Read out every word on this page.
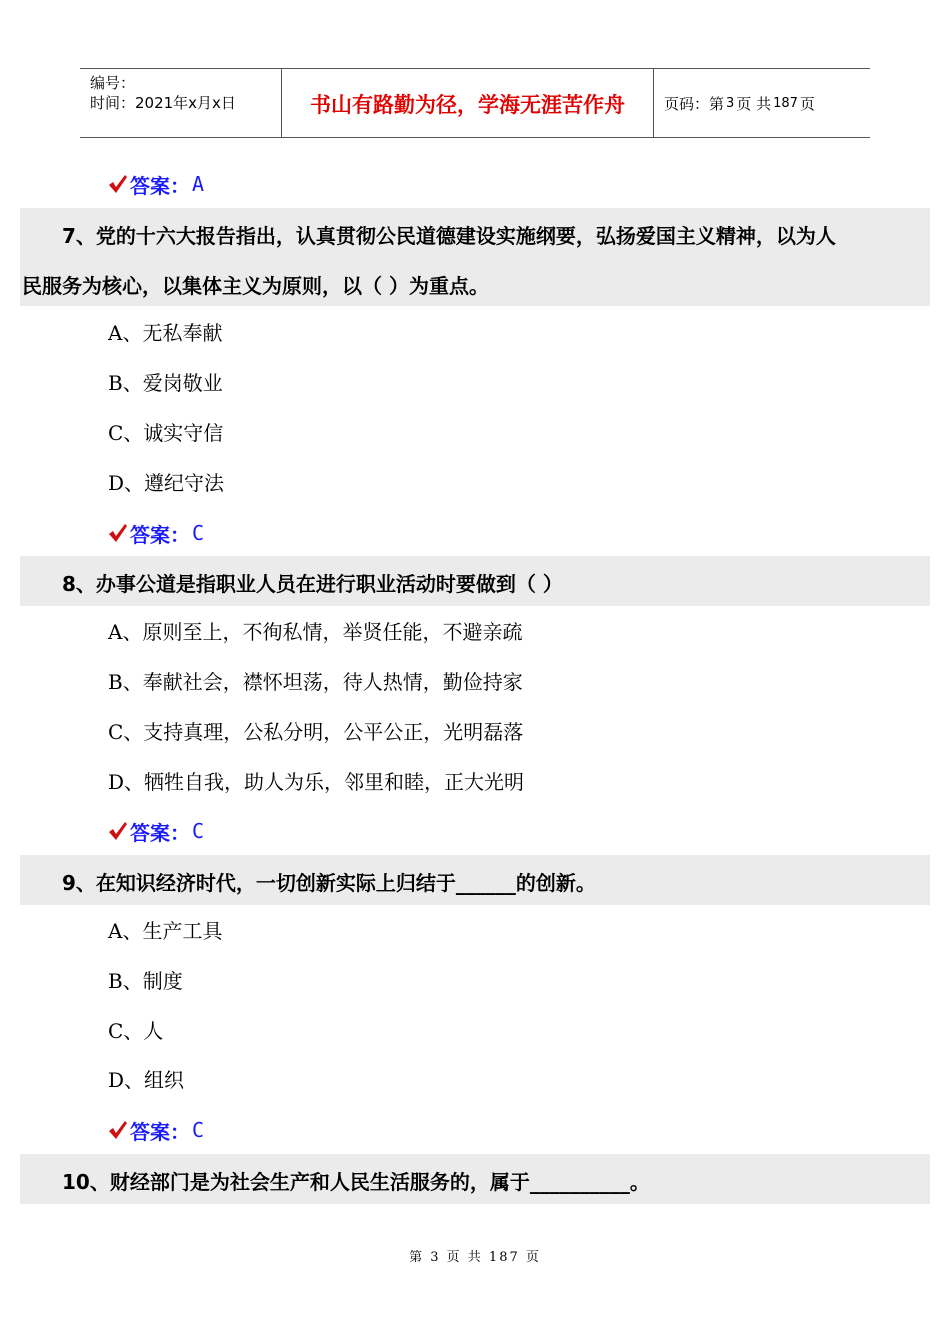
编号：
时间：2021年x月x日	书山有路勤为径，学海无涯苦作舟	页码：第 3 页 共 187 页
答案： A
7、党的十六大报告指出，认真贯彻公民道德建设实施纲要，弘扬爱国主义精神，以为人
民服务为核心，以集体主义为原则，以（ ）为重点。
A、无私奉献
B、爱岗敬业
C、诚实守信
D、遵纪守法
答案： C
8、办事公道是指职业人员在进行职业活动时要做到（ ）
A、原则至上，不徇私情，举贤任能，不避亲疏
B、奉献社会，襟怀坦荡，待人热情，勤俭持家
C、支持真理，公私分明，公平公正，光明磊落
D、牺牲自我，助人为乐，邻里和睦，正大光明
答案： C
9、在知识经济时代，一切创新实际上归结于______的创新。
A、生产工具
B、制度
C、人
D、组织
答案： C
10、财经部门是为社会生产和人民生活服务的，属于__________。
第 3 页 共 187 页
